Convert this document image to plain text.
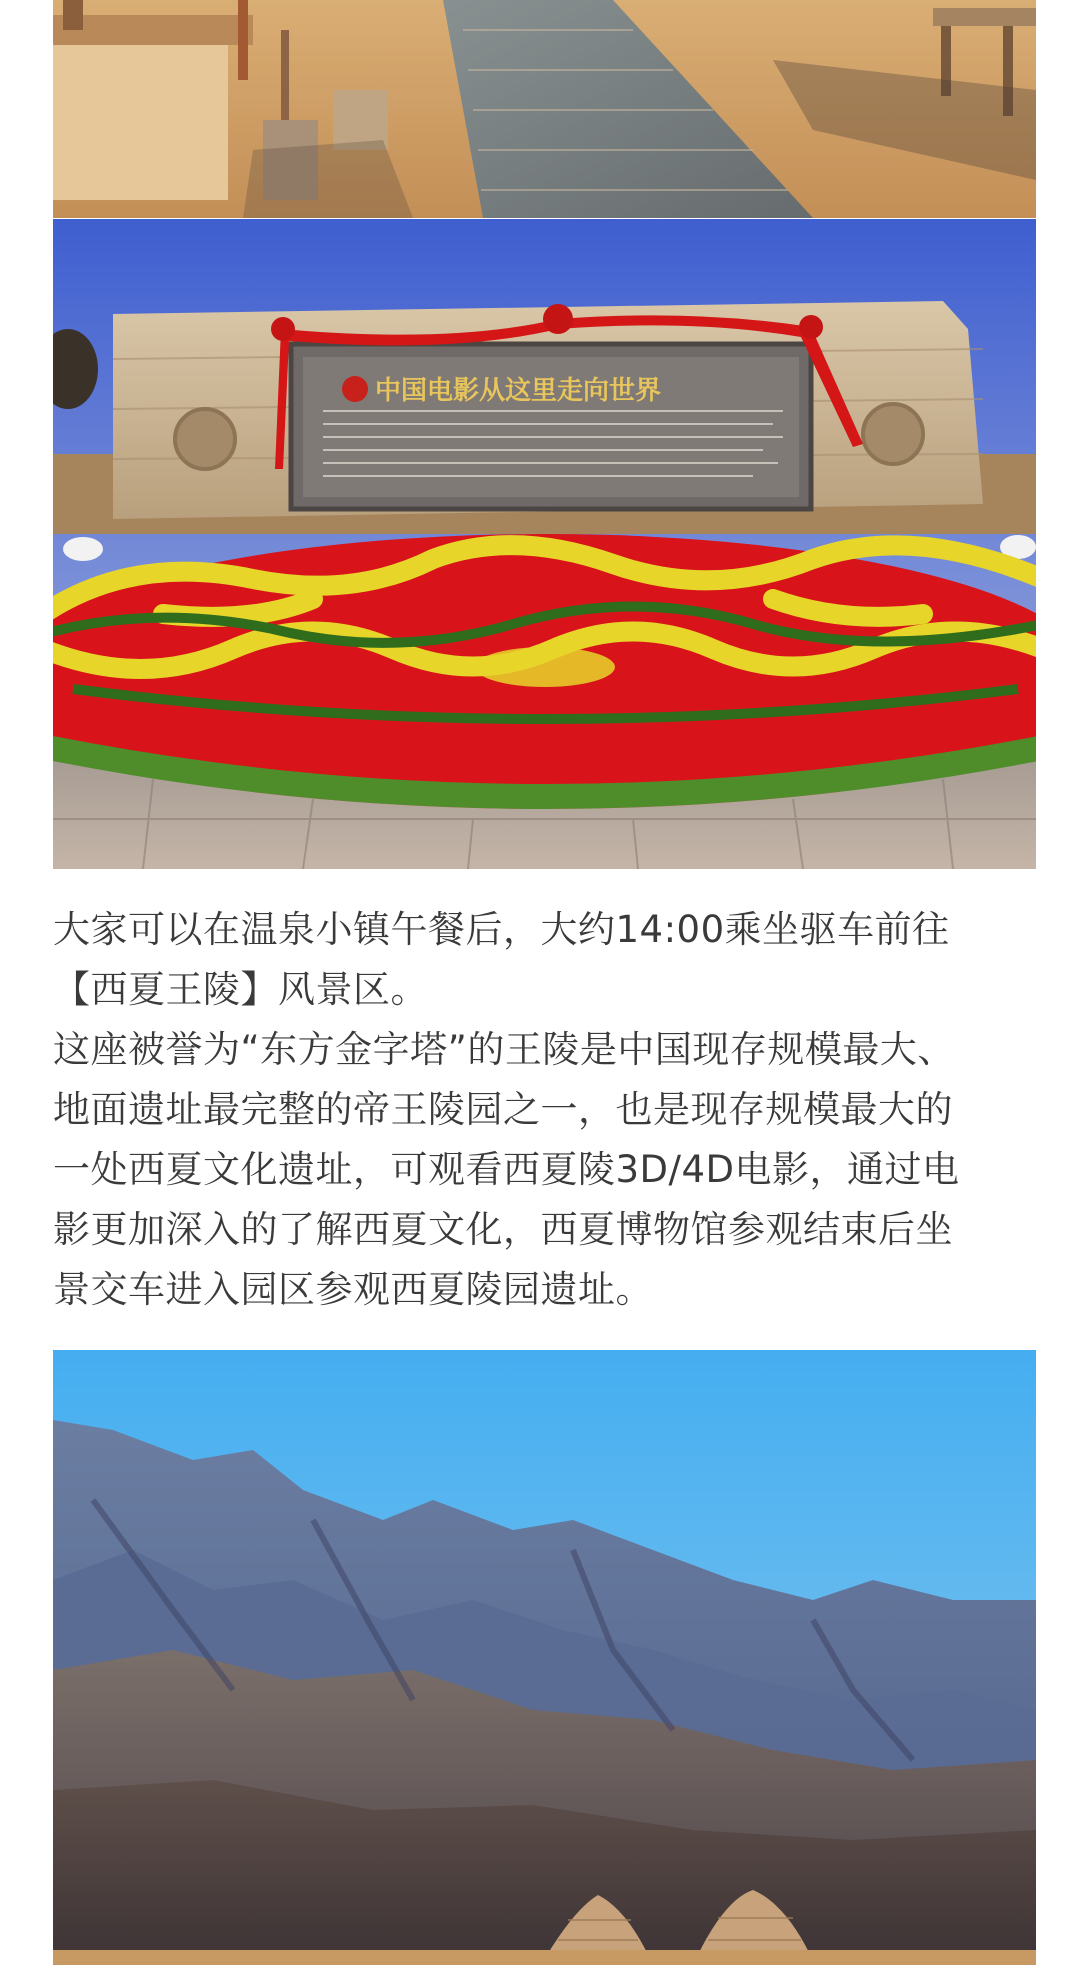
中国电影从这里走向世界

大家可以在温泉小镇午餐后，大约14:00乘坐驱车前往

【西夏王陵】风景区。

这座被誉为“东方金字塔”的王陵是中国现存规模最大、

地面遗址最完整的帝王陵园之一，也是现存规模最大的

一处西夏文化遗址，可观看西夏陵3D/4D电影，通过电

影更加深入的了解西夏文化，西夏博物馆参观结束后坐

景交车进入园区参观西夏陵园遗址。
